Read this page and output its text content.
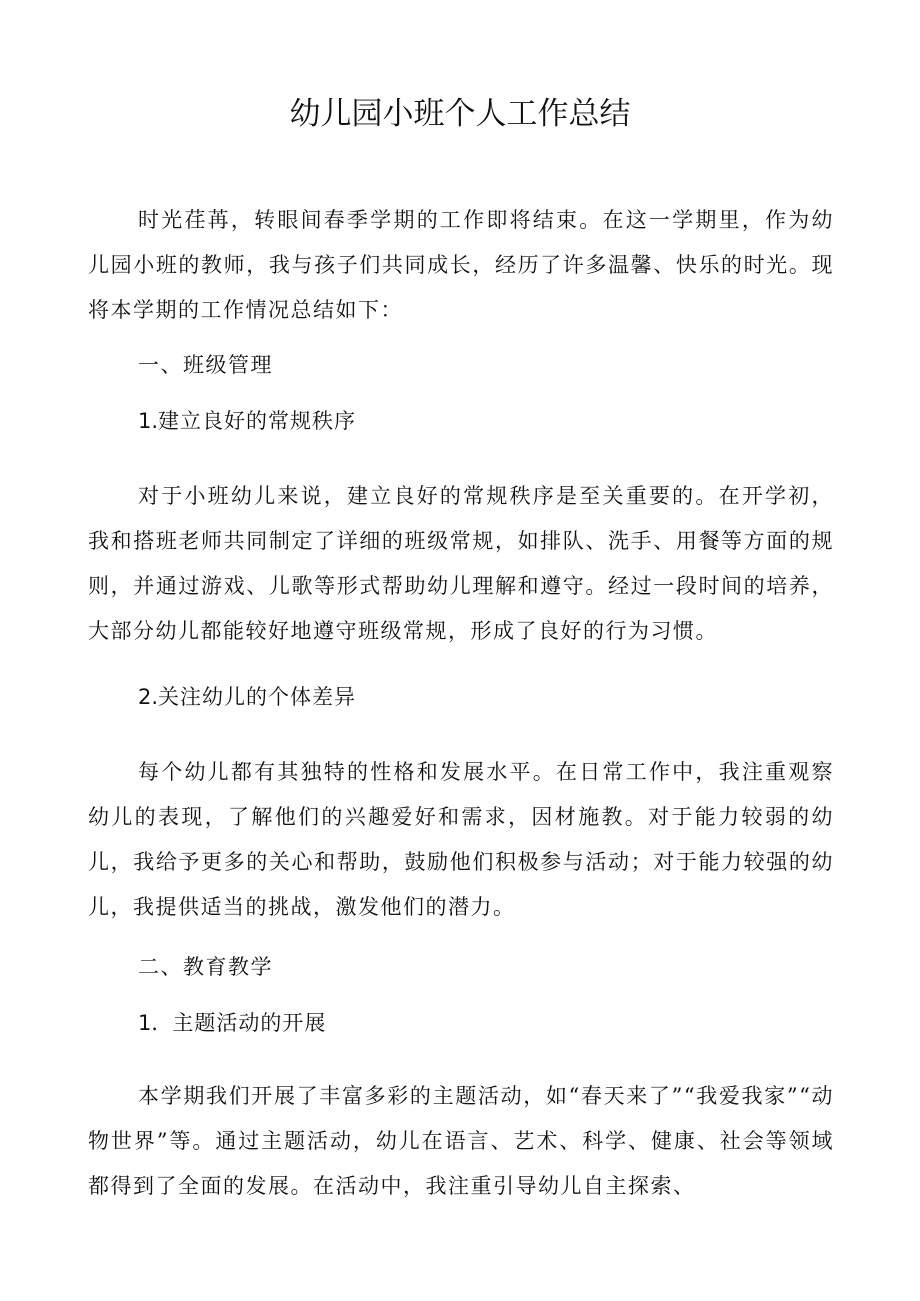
幼儿园小班个人工作总结

时光荏苒，转眼间春季学期的工作即将结束。在这一学期里，作为幼儿园小班的教师，我与孩子们共同成长，经历了许多温馨、快乐的时光。现将本学期的工作情况总结如下：

一、班级管理
1.建立良好的常规秩序

对于小班幼儿来说，建立良好的常规秩序是至关重要的。在开学初，我和搭班老师共同制定了详细的班级常规，如排队、洗手、用餐等方面的规则，并通过游戏、儿歌等形式帮助幼儿理解和遵守。经过一段时间的培养，大部分幼儿都能较好地遵守班级常规，形成了良好的行为习惯。

2.关注幼儿的个体差异

每个幼儿都有其独特的性格和发展水平。在日常工作中，我注重观察幼儿的表现，了解他们的兴趣爱好和需求，因材施教。对于能力较弱的幼儿，我给予更多的关心和帮助，鼓励他们积极参与活动；对于能力较强的幼儿，我提供适当的挑战，激发他们的潜力。

二、教育教学
1．主题活动的开展

本学期我们开展了丰富多彩的主题活动，如“春天来了”“我爱我家”“动物世界”等。通过主题活动，幼儿在语言、艺术、科学、健康、社会等领域都得到了全面的发展。在活动中，我注重引导幼儿自主探索、
